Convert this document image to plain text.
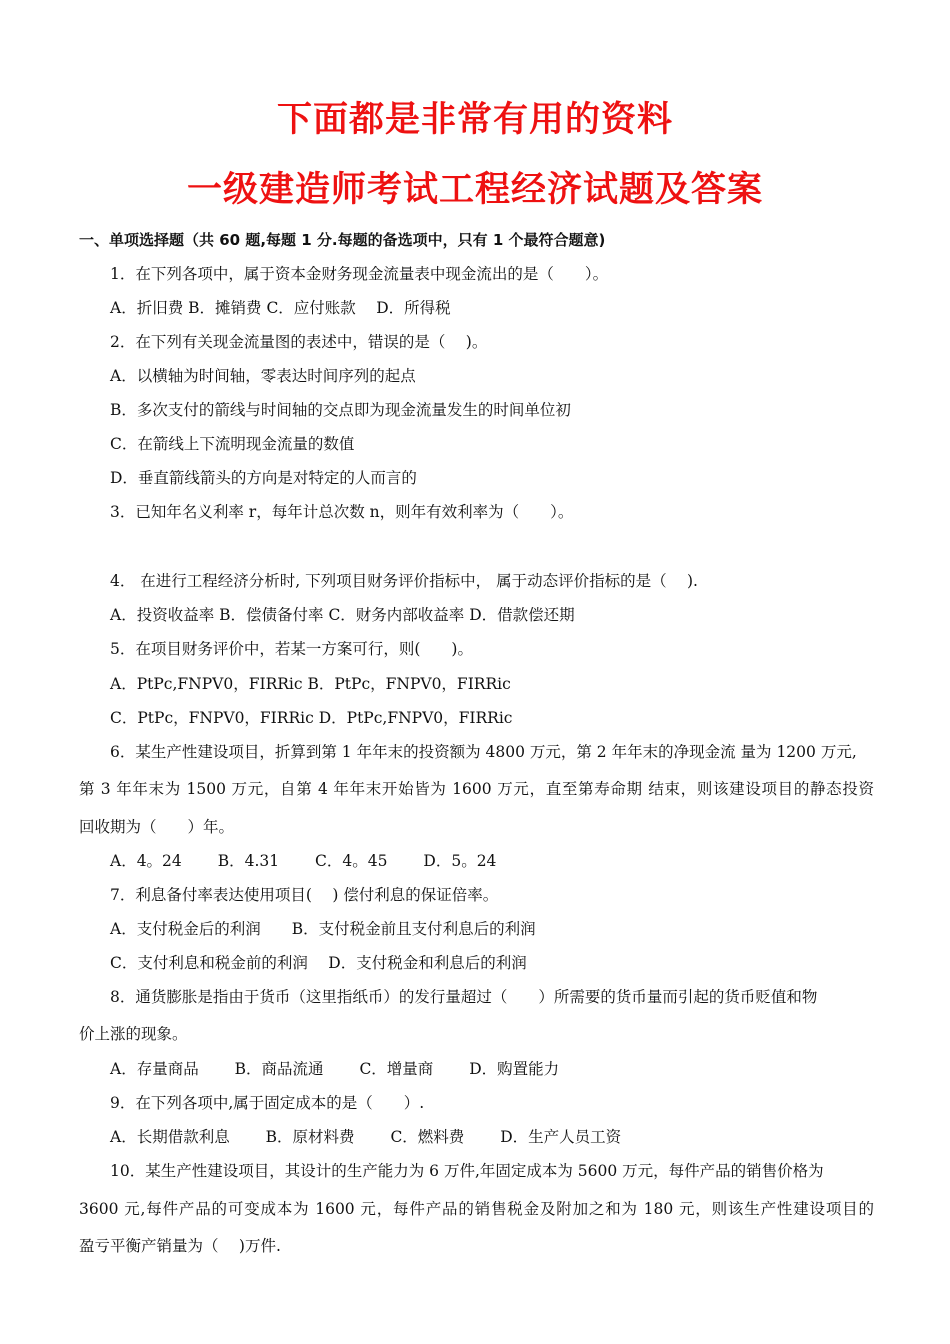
下面都是非常有用的资料
一级建造师考试工程经济试题及答案
一、单项选择题（共 60 题,每题 1 分.每题的备选项中，只有 1 个最符合题意)
1．在下列各项中，属于资本金财务现金流量表中现金流出的是（　　）。
A．折旧费 B．摊销费 C．应付账款　 D．所得税
2．在下列有关现金流量图的表述中，错误的是（　 )。
A．以横轴为时间轴，零表达时间序列的起点
B．多次支付的箭线与时间轴的交点即为现金流量发生的时间单位初
C．在箭线上下流明现金流量的数值
D．垂直箭线箭头的方向是对特定的人而言的
3．已知年名义利率 r，每年计总次数 n，则年有效利率为（　　）。
4． 在进行工程经济分析时, 下列项目财务评价指标中， 属于动态评价指标的是（　 ).
A．投资收益率 B．偿债备付率 C．财务内部收益率 D．借款偿还期
5．在项目财务评价中，若某一方案可行，则(　　)。
A．PtPc,FNPV0，FIRRic B．PtPc，FNPV0，FIRRic
C．PtPc，FNPV0，FIRRic D．PtPc,FNPV0，FIRRic
6．某生产性建设项目，折算到第 1 年年末的投资额为 4800 万元，第 2 年年末的净现金流 量为 1200 万元,
第 3 年年末为 1500 万元，自第 4 年年末开始皆为 1600 万元，直至第寿命期 结束，则该建设项目的静态投资
回收期为（　　）年。
A．4。24　　 B．4.31　　 C．4。45　　 D．5。24
7．利息备付率表达使用项目(　 ) 偿付利息的保证倍率。
A．支付税金后的利润　　B．支付税金前且支付利息后的利润
C．支付利息和税金前的利润　 D．支付税金和利息后的利润
8．通货膨胀是指由于货币（这里指纸币）的发行量超过（　　）所需要的货币量而引起的货币贬值和物
价上涨的现象。
A．存量商品　　 B．商品流通　　 C．增量商　　 D．购置能力
9．在下列各项中,属于固定成本的是（　　）.
A．长期借款利息　　 B．原材料费　　 C．燃料费　　 D．生产人员工资
10．某生产性建设项目，其设计的生产能力为 6 万件,年固定成本为 5600 万元，每件产品的销售价格为
3600 元,每件产品的可变成本为 1600 元，每件产品的销售税金及附加之和为 180 元，则该生产性建设项目的
盈亏平衡产销量为（　 )万件.
